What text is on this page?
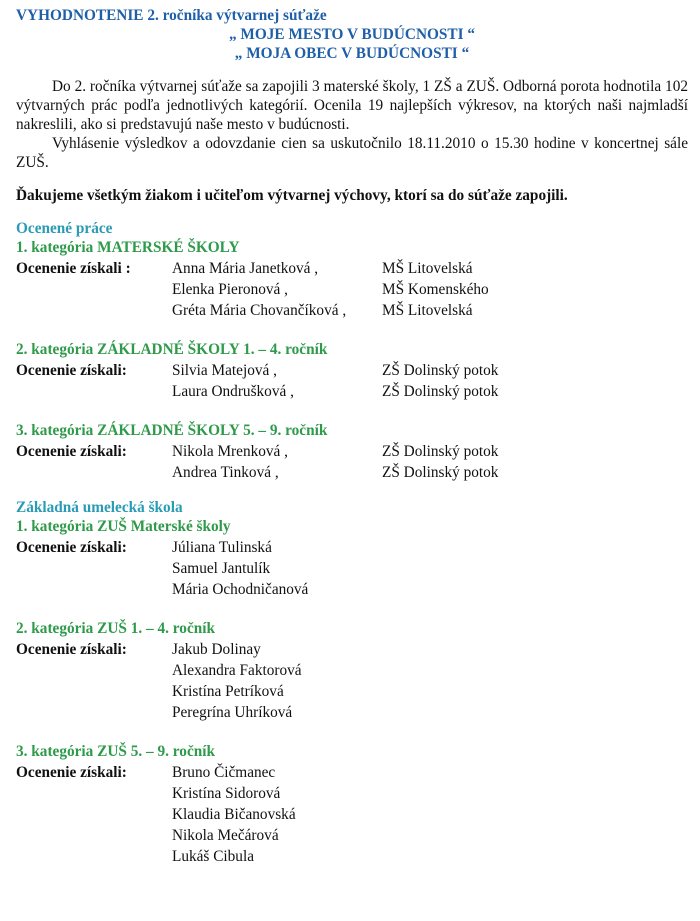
VYHODNOTENIE 2. ročníka výtvarnej súťaže
„ MOJE MESTO V BUDÚCNOSTI “
„ MOJA OBEC V BUDÚCNOSTI “

Do 2. ročníka výtvarnej súťaže sa zapojili 3 materské školy, 1 ZŠ a ZUŠ. Odborná porota hodnotila 102 výtvarných prác podľa jednotlivých kategórií. Ocenila 19 najlepších výkresov, na ktorých naši najmladší nakreslili, ako si predstavujú naše mesto v budúcnosti.

Vyhlásenie výsledkov a odovzdanie cien sa uskutočnilo 18.11.2010 o 15.30 hodine v koncertnej sále ZUŠ.

Ďakujeme všetkým žiakom i učiteľom výtvarnej výchovy, ktorí sa do súťaže zapojili.

Ocenené práce
1. kategória MATERSKÉ ŠKOLY
Ocenenie získali :	Anna Mária Janetková ,	MŠ Litovelská
Elenka Pieronová ,	MŠ Komenského
Gréta Mária Chovančíková ,	MŠ Litovelská
2. kategória ZÁKLADNÉ ŠKOLY 1. – 4. ročník
Ocenenie získali:	Silvia Matejová ,	ZŠ Dolinský potok
Laura Ondrušková ,	ZŠ Dolinský potok
3. kategória ZÁKLADNÉ ŠKOLY 5. – 9. ročník
Ocenenie získali:	Nikola Mrenková ,	ZŠ Dolinský potok
Andrea Tinková ,	ZŠ Dolinský potok
Základná umelecká škola
1. kategória ZUŠ Materské školy
Ocenenie získali:	Júliana Tulinská
Samuel Jantulík
Mária Ochodničanová
2. kategória ZUŠ 1. – 4. ročník
Ocenenie získali:	Jakub Dolinay
Alexandra Faktorová
Kristína Petríková
Peregrína Uhríková
3. kategória ZUŠ 5. – 9. ročník
Ocenenie získali:	Bruno Čičmanec
Kristína Sidorová
Klaudia Bičanovská
Nikola Mečárová
Lukáš Cibula
